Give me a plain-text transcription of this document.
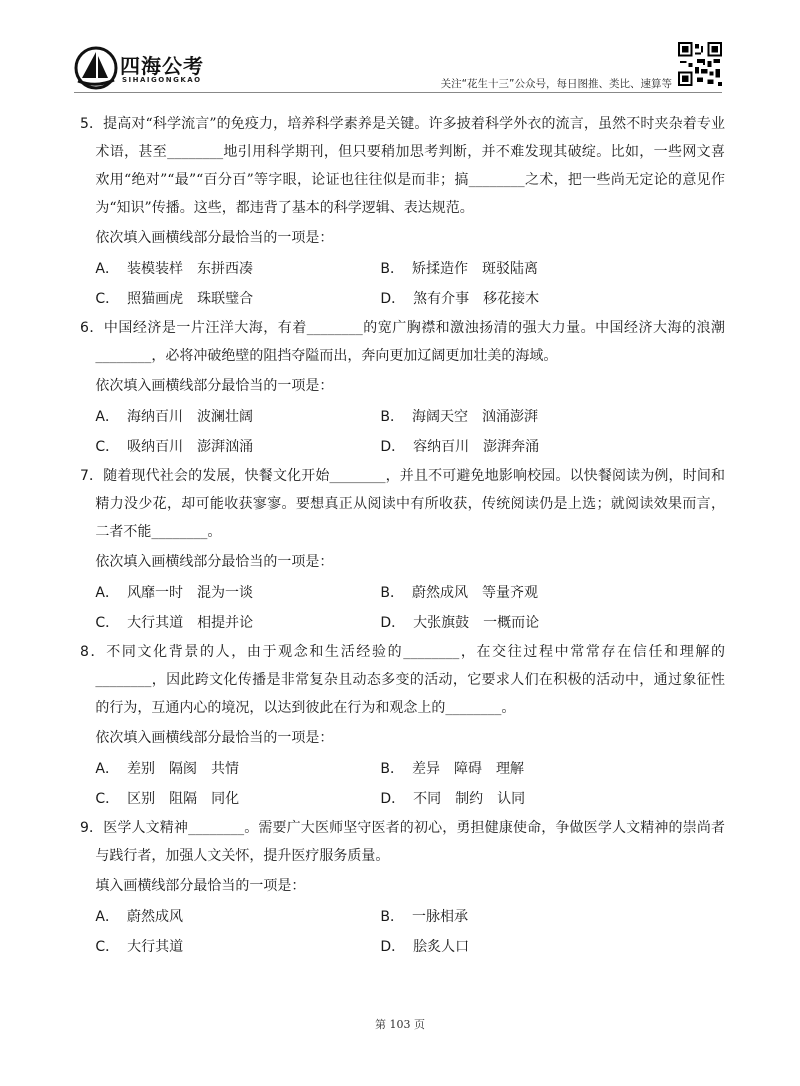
四海公考
SIHAIGONGKAO	关注“花生十三”公众号，每日图推、类比、速算等

5．提高对“科学流言”的免疫力，培养科学素养是关键。许多披着科学外衣的流言，虽然不时夹杂着专业术语，甚至________地引用科学期刊，但只要稍加思考判断，并不难发现其破绽。比如，一些网文喜欢用“绝对”“最”“百分百”等字眼，论证也往往似是而非；搞________之术，把一些尚无定论的意见作为“知识”传播。这些，都违背了基本的科学逻辑、表达规范。

依次填入画横线部分最恰当的一项是：
A． 装模装样　东拼西凑	B． 矫揉造作　斑驳陆离
C． 照猫画虎　珠联璧合	D． 煞有介事　移花接木

6．中国经济是一片汪洋大海，有着________的宽广胸襟和激浊扬清的强大力量。中国经济大海的浪潮________，必将冲破绝壁的阻挡夺隘而出，奔向更加辽阔更加壮美的海域。

依次填入画横线部分最恰当的一项是：
A． 海纳百川　波澜壮阔	B． 海阔天空　汹涌澎湃
C． 吸纳百川　澎湃汹涌	D． 容纳百川　澎湃奔涌

7．随着现代社会的发展，快餐文化开始________，并且不可避免地影响校园。以快餐阅读为例，时间和精力没少花，却可能收获寥寥。要想真正从阅读中有所收获，传统阅读仍是上选；就阅读效果而言，二者不能________。

依次填入画横线部分最恰当的一项是：
A． 风靡一时　混为一谈	B． 蔚然成风　等量齐观
C． 大行其道　相提并论	D． 大张旗鼓　一概而论

8．不同文化背景的人，由于观念和生活经验的________，在交往过程中常常存在信任和理解的________，因此跨文化传播是非常复杂且动态多变的活动，它要求人们在积极的活动中，通过象征性的行为，互通内心的境况，以达到彼此在行为和观念上的________。

依次填入画横线部分最恰当的一项是：
A． 差别　隔阂　共情	B． 差异　障碍　理解
C． 区别　阻隔　同化	D． 不同　制约　认同

9．医学人文精神________。需要广大医师坚守医者的初心，勇担健康使命，争做医学人文精神的崇尚者与践行者，加强人文关怀，提升医疗服务质量。

填入画横线部分最恰当的一项是：
A． 蔚然成风	B． 一脉相承
C． 大行其道	D． 脍炙人口
第 103 页
